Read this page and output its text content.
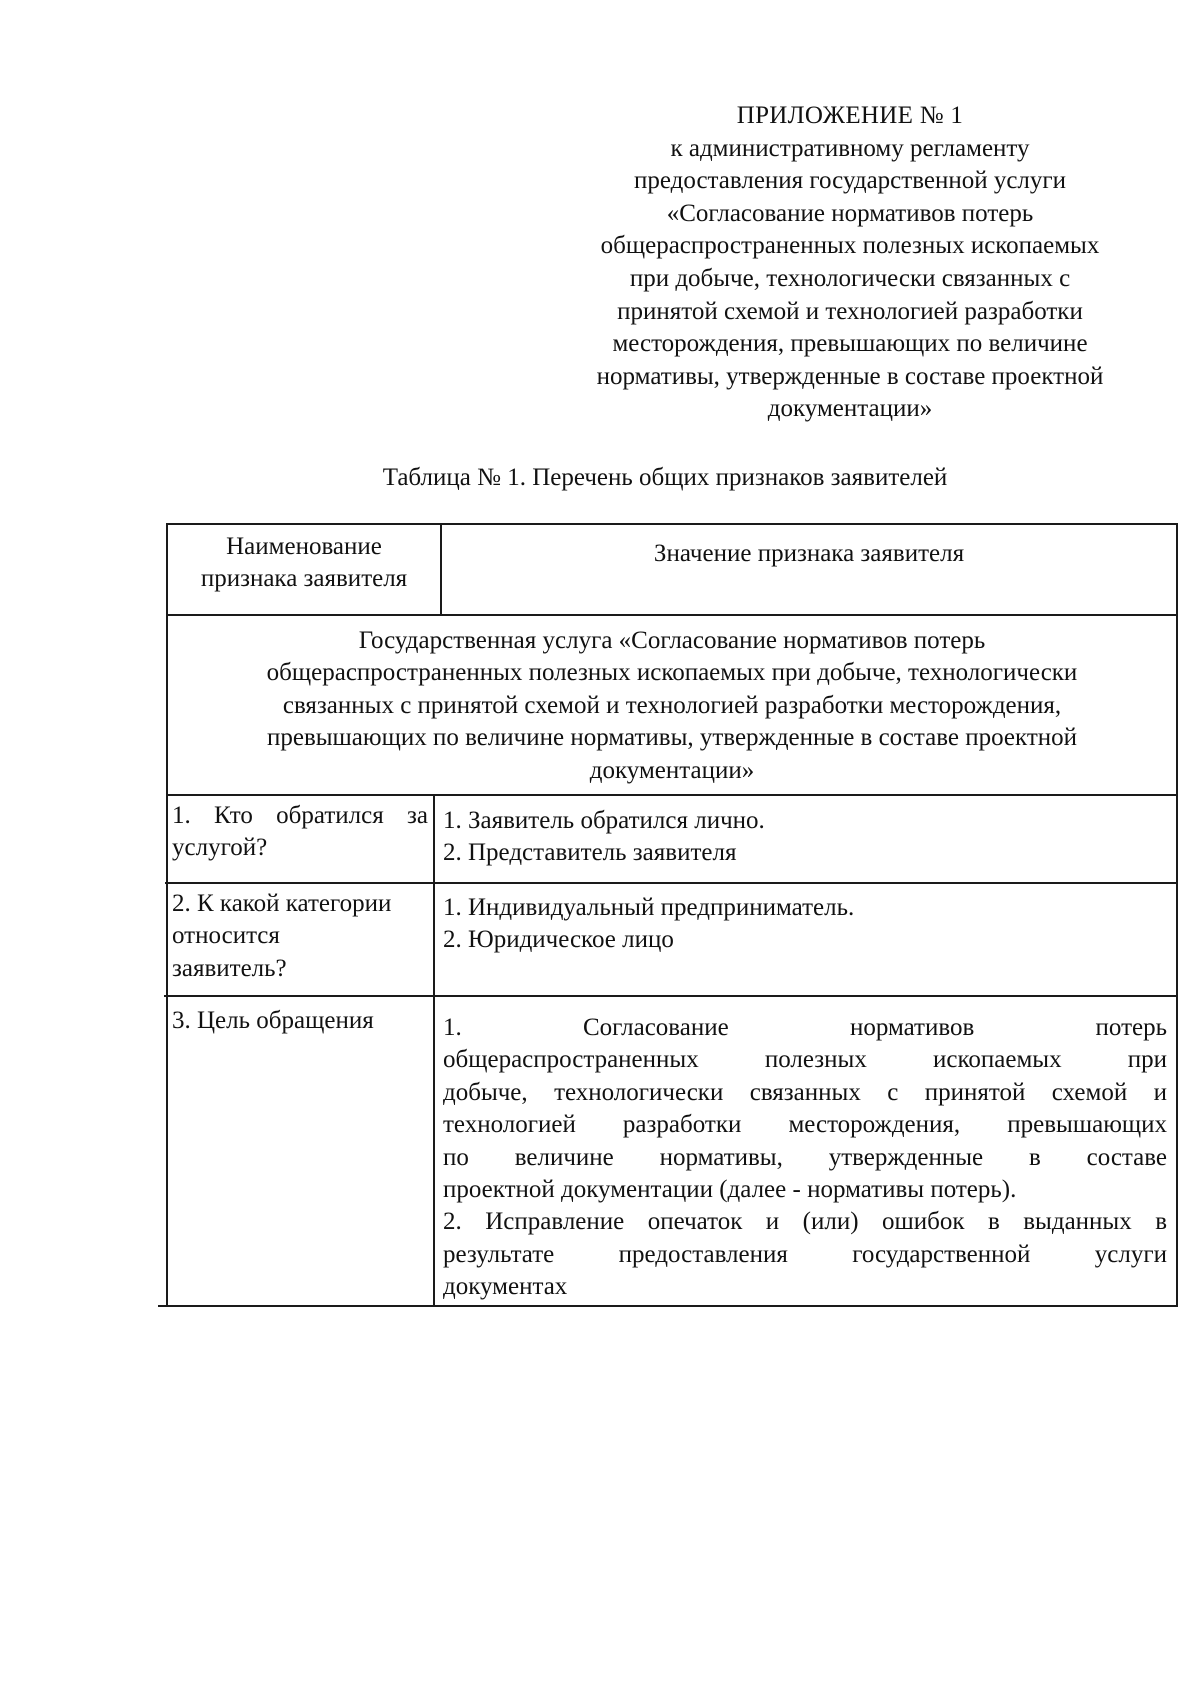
ПРИЛОЖЕНИЕ № 1
к административному регламенту
предоставления государственной услуги
«Согласование нормативов потерь
общераспространенных полезных ископаемых
при добыче, технологически связанных с
принятой схемой и технологией разработки
месторождения, превышающих по величине
нормативы, утвержденные в составе проектной
документации»
Таблица № 1. Перечень общих признаков заявителей
Наименование
признака заявителя
Значение признака заявителя
Государственная услуга «Согласование нормативов потерь
общераспространенных полезных ископаемых при добыче, технологически
связанных с принятой схемой и технологией разработки месторождения,
превышающих по величине нормативы, утвержденные в составе проектной
документации»
1. Кто обратился за
услугой?
1. Заявитель обратился лично.
2. Представитель заявителя
2. К какой категории
относится
заявитель?
1. Индивидуальный предприниматель.
2. Юридическое лицо
3. Цель обращения	1. Согласование нормативов потерь
общераспространенных полезных ископаемых при
добыче, технологически связанных с принятой схемой и
технологией разработки месторождения, превышающих
по величине нормативы, утвержденные в составе
проектной документации (далее - нормативы потерь).
2. Исправление опечаток и (или) ошибок в выданных в
результате предоставления государственной услуги
документах
